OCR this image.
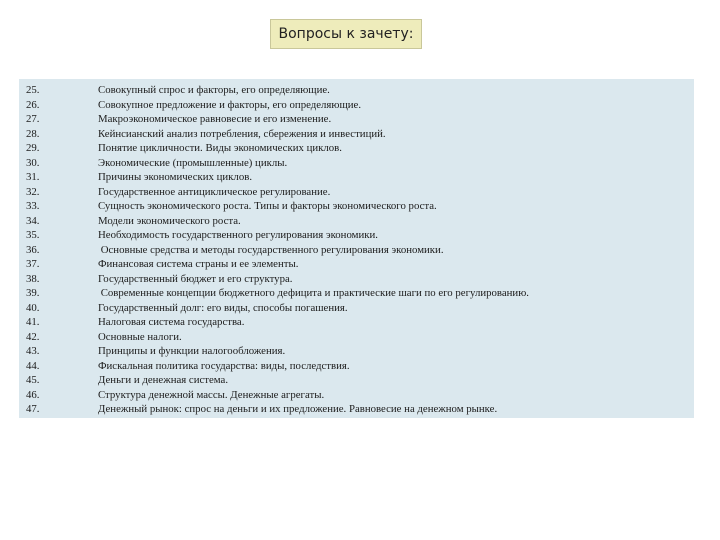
Вопросы к зачету:
25.	Совокупный спрос и факторы, его определяющие.
26.	Совокупное предложение и факторы, его определяющие.
27.	Макроэкономическое равновесие и его изменение.
28.	Кейнсианский анализ потребления, сбережения и инвестиций.
29.	Понятие цикличности. Виды экономических циклов.
30.	Экономические (промышленные) циклы.
31.	Причины экономических циклов.
32.	Государственное антициклическое регулирование.
33.	Сущность экономического роста. Типы и факторы экономического роста.
34.	Модели экономического роста.
35.	Необходимость государственного регулирования экономики.
36.	Основные средства и методы государственного регулирования экономики.
37.	Финансовая система страны и ее элементы.
38.	Государственный бюджет и его структура.
39.	Современные концепции бюджетного дефицита и практические шаги по его регулированию.
40.	Государственный долг: его виды, способы погашения.
41.	Налоговая система государства.
42.	Основные налоги.
43.	Принципы и функции налогообложения.
44.	Фискальная политика государства: виды, последствия.
45.	Деньги и денежная система.
46.	Структура денежной массы. Денежные агрегаты.
47.	Денежный рынок: спрос на деньги и их предложение. Равновесие на денежном рынке.
